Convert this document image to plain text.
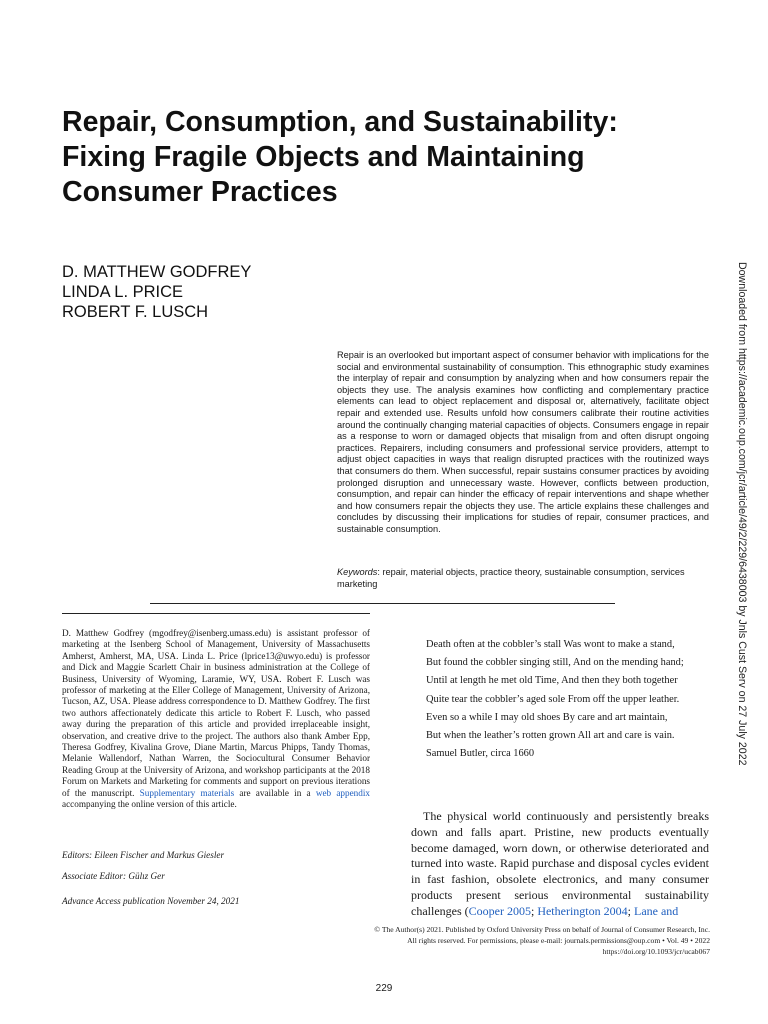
Repair, Consumption, and Sustainability:
Fixing Fragile Objects and Maintaining
Consumer Practices
D. MATTHEW GODFREY
LINDA L. PRICE
ROBERT F. LUSCH

Repair is an overlooked but important aspect of consumer behavior with implications for the social and environmental sustainability of consumption. This ethnographic study examines the interplay of repair and consumption by analyzing when and how consumers repair the objects they use. The analysis examines how conflicting and complementary practice elements can lead to object replacement and disposal or, alternatively, facilitate object repair and extended use. Results unfold how consumers calibrate their routine activities around the continually changing material capacities of objects. Consumers engage in repair as a response to worn or damaged objects that misalign from and often disrupt ongoing practices. Repairers, including consumers and professional service providers, attempt to adjust object capacities in ways that realign disrupted practices with the routinized ways that consumers do them. When successful, repair sustains consumer practices by avoiding prolonged disruption and unnecessary waste. However, conflicts between production, consumption, and repair can hinder the efficacy of repair interventions and shape whether and how consumers repair the objects they use. The article explains these challenges and concludes by discussing their implications for studies of repair, consumer practices, and sustainable consumption.

Keywords: repair, material objects, practice theory, sustainable consumption, services marketing

D. Matthew Godfrey (mgodfrey@isenberg.umass.edu) is assistant professor of marketing at the Isenberg School of Management, University of Massachusetts Amherst, Amherst, MA, USA. Linda L. Price (lprice13@uwyo.edu) is professor and Dick and Maggie Scarlett Chair in business administration at the College of Business, University of Wyoming, Laramie, WY, USA. Robert F. Lusch was professor of marketing at the Eller College of Management, University of Arizona, Tucson, AZ, USA. Please address correspondence to D. Matthew Godfrey. The first two authors affectionately dedicate this article to Robert F. Lusch, who passed away during the preparation of this article and provided irreplaceable insight, observation, and creative drive to the project. The authors also thank Amber Epp, Theresa Godfrey, Kivalina Grove, Diane Martin, Marcus Phipps, Tandy Thomas, Melanie Wallendorf, Nathan Warren, the Sociocultural Consumer Behavior Reading Group at the University of Arizona, and workshop participants at the 2018 Forum on Markets and Marketing for comments and support on previous iterations of the manuscript. Supplementary materials are available in a web appendix accompanying the online version of this article.

Editors: Eileen Fischer and Markus Giesler
Associate Editor: Gülız Ger
Advance Access publication November 24, 2021
Death often at the cobbler’s stall Was wont to make a stand,
But found the cobbler singing still, And on the mending hand;
Until at length he met old Time, And then they both together
Quite tear the cobbler’s aged sole From off the upper leather.
Even so a while I may old shoes By care and art maintain,
But when the leather’s rotten grown All art and care is vain.
Samuel Butler, circa 1660

The physical world continuously and persistently breaks down and falls apart. Pristine, new products eventually become damaged, worn down, or otherwise deteriorated and turned into waste. Rapid purchase and disposal cycles evident in fast fashion, obsolete electronics, and many consumer products present serious environmental sustainability challenges (Cooper 2005; Hetherington 2004; Lane and

© The Author(s) 2021. Published by Oxford University Press on behalf of Journal of Consumer Research, Inc.
All rights reserved. For permissions, please e-mail: journals.permissions@oup.com • Vol. 49 • 2022
https://doi.org/10.1093/jcr/ucab067
229
Downloaded from https://academic.oup.com/jcr/article/49/2/229/6438003 by Jnls Cust Serv on 27 July 2022
